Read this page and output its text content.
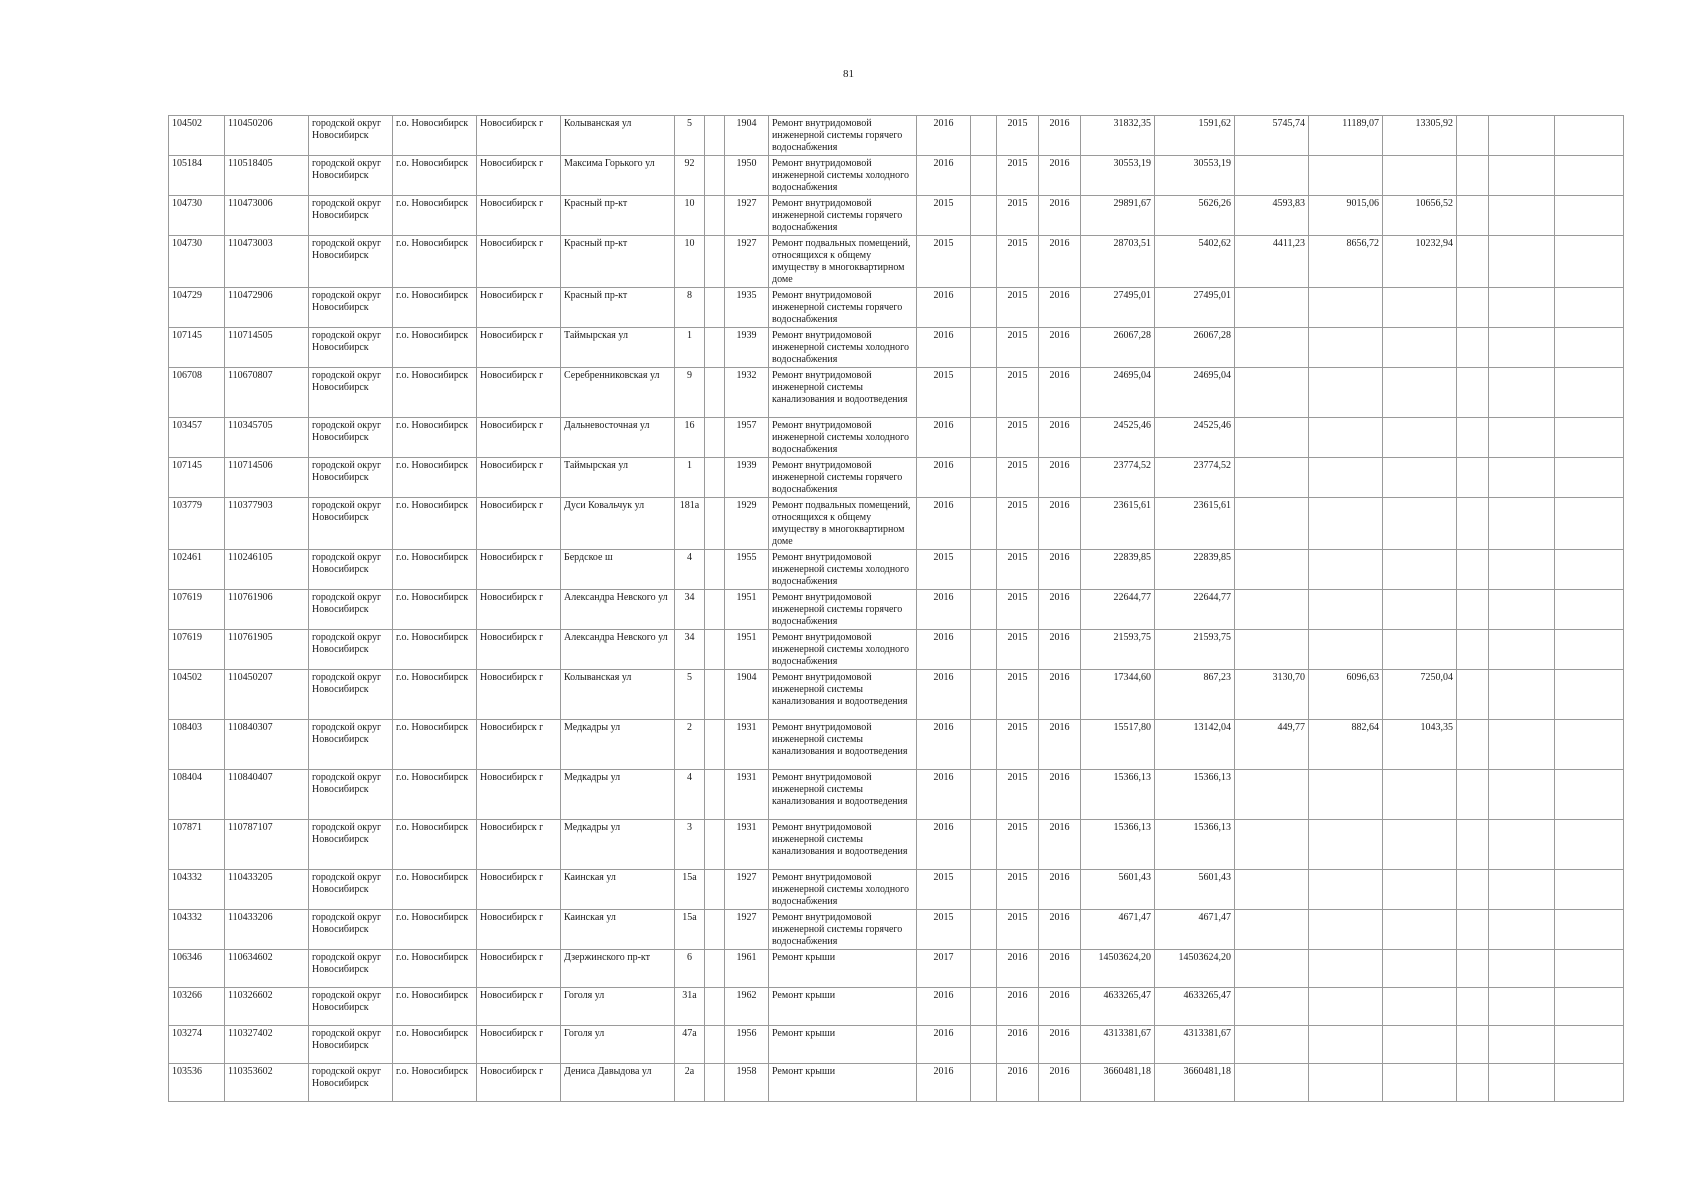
81
104502	110450206	городской округ Новосибирск	г.о. Новосибирск	Новосибирск г	Колыванская ул	5		1904	Ремонт внутридомовой инженерной системы горячего водоснабжения	2016		2015	2016	31832,35	1591,62	5745,74	11189,07	13305,92			
105184	110518405	городской округ Новосибирск	г.о. Новосибирск	Новосибирск г	Максима Горького ул	92		1950	Ремонт внутридомовой инженерной системы холодного водоснабжения	2016		2015	2016	30553,19	30553,19						
104730	110473006	городской округ Новосибирск	г.о. Новосибирск	Новосибирск г	Красный пр-кт	10		1927	Ремонт внутридомовой инженерной системы горячего водоснабжения	2015		2015	2016	29891,67	5626,26	4593,83	9015,06	10656,52			
104730	110473003	городской округ Новосибирск	г.о. Новосибирск	Новосибирск г	Красный пр-кт	10		1927	Ремонт подвальных помещений, относящихся к общему имуществу в многоквартирном доме	2015		2015	2016	28703,51	5402,62	4411,23	8656,72	10232,94			
104729	110472906	городской округ Новосибирск	г.о. Новосибирск	Новосибирск г	Красный пр-кт	8		1935	Ремонт внутридомовой инженерной системы горячего водоснабжения	2016		2015	2016	27495,01	27495,01						
107145	110714505	городской округ Новосибирск	г.о. Новосибирск	Новосибирск г	Таймырская ул	1		1939	Ремонт внутридомовой инженерной системы холодного водоснабжения	2016		2015	2016	26067,28	26067,28						
106708	110670807	городской округ Новосибирск	г.о. Новосибирск	Новосибирск г	Серебренниковская ул	9		1932	Ремонт внутридомовой инженерной системы канализования и водоотведения	2015		2015	2016	24695,04	24695,04						
103457	110345705	городской округ Новосибирск	г.о. Новосибирск	Новосибирск г	Дальневосточная ул	16		1957	Ремонт внутридомовой инженерной системы холодного водоснабжения	2016		2015	2016	24525,46	24525,46						
107145	110714506	городской округ Новосибирск	г.о. Новосибирск	Новосибирск г	Таймырская ул	1		1939	Ремонт внутридомовой инженерной системы горячего водоснабжения	2016		2015	2016	23774,52	23774,52						
103779	110377903	городской округ Новосибирск	г.о. Новосибирск	Новосибирск г	Дуси Ковальчук ул	181а		1929	Ремонт подвальных помещений, относящихся к общему имуществу в многоквартирном доме	2016		2015	2016	23615,61	23615,61						
102461	110246105	городской округ Новосибирск	г.о. Новосибирск	Новосибирск г	Бердское ш	4		1955	Ремонт внутридомовой инженерной системы холодного водоснабжения	2015		2015	2016	22839,85	22839,85						
107619	110761906	городской округ Новосибирск	г.о. Новосибирск	Новосибирск г	Александра Невского ул	34		1951	Ремонт внутридомовой инженерной системы горячего водоснабжения	2016		2015	2016	22644,77	22644,77						
107619	110761905	городской округ Новосибирск	г.о. Новосибирск	Новосибирск г	Александра Невского ул	34		1951	Ремонт внутридомовой инженерной системы холодного водоснабжения	2016		2015	2016	21593,75	21593,75						
104502	110450207	городской округ Новосибирск	г.о. Новосибирск	Новосибирск г	Колыванская ул	5		1904	Ремонт внутридомовой инженерной системы канализования и водоотведения	2016		2015	2016	17344,60	867,23	3130,70	6096,63	7250,04			
108403	110840307	городской округ Новосибирск	г.о. Новосибирск	Новосибирск г	Медкадры ул	2		1931	Ремонт внутридомовой инженерной системы канализования и водоотведения	2016		2015	2016	15517,80	13142,04	449,77	882,64	1043,35			
108404	110840407	городской округ Новосибирск	г.о. Новосибирск	Новосибирск г	Медкадры ул	4		1931	Ремонт внутридомовой инженерной системы канализования и водоотведения	2016		2015	2016	15366,13	15366,13						
107871	110787107	городской округ Новосибирск	г.о. Новосибирск	Новосибирск г	Медкадры ул	3		1931	Ремонт внутридомовой инженерной системы канализования и водоотведения	2016		2015	2016	15366,13	15366,13						
104332	110433205	городской округ Новосибирск	г.о. Новосибирск	Новосибирск г	Каинская ул	15а		1927	Ремонт внутридомовой инженерной системы холодного водоснабжения	2015		2015	2016	5601,43	5601,43						
104332	110433206	городской округ Новосибирск	г.о. Новосибирск	Новосибирск г	Каинская ул	15а		1927	Ремонт внутридомовой инженерной системы горячего водоснабжения	2015		2015	2016	4671,47	4671,47						
106346	110634602	городской округ Новосибирск	г.о. Новосибирск	Новосибирск г	Дзержинского пр-кт	6		1961	Ремонт крыши	2017		2016	2016	14503624,20	14503624,20						
103266	110326602	городской округ Новосибирск	г.о. Новосибирск	Новосибирск г	Гоголя ул	31а		1962	Ремонт крыши	2016		2016	2016	4633265,47	4633265,47						
103274	110327402	городской округ Новосибирск	г.о. Новосибирск	Новосибирск г	Гоголя ул	47а		1956	Ремонт крыши	2016		2016	2016	4313381,67	4313381,67						
103536	110353602	городской округ Новосибирск	г.о. Новосибирск	Новосибирск г	Дениса Давыдова ул	2а		1958	Ремонт крыши	2016		2016	2016	3660481,18	3660481,18						
